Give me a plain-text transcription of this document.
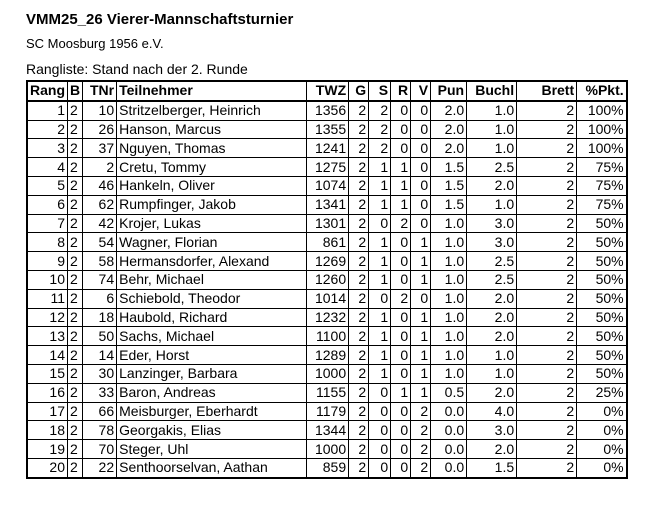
VMM25_26 Vierer-Mannschaftsturnier
SC Moosburg 1956 e.V.
Rangliste: Stand nach der 2. Runde
Rang	B	TNr	Teilnehmer	TWZ	G	S	R	V	Pun	Buchl	Brett	%Pkt.
1	2	10	Stritzelberger, Heinrich	1356	2	2	0	0	2.0	1.0	2	100%
2	2	26	Hanson, Marcus	1355	2	2	0	0	2.0	1.0	2	100%
3	2	37	Nguyen, Thomas	1241	2	2	0	0	2.0	1.0	2	100%
4	2	2	Cretu, Tommy	1275	2	1	1	0	1.5	2.5	2	75%
5	2	46	Hankeln, Oliver	1074	2	1	1	0	1.5	2.0	2	75%
6	2	62	Rumpfinger, Jakob	1341	2	1	1	0	1.5	1.0	2	75%
7	2	42	Krojer, Lukas	1301	2	0	2	0	1.0	3.0	2	50%
8	2	54	Wagner, Florian	861	2	1	0	1	1.0	3.0	2	50%
9	2	58	Hermansdorfer, Alexand	1269	2	1	0	1	1.0	2.5	2	50%
10	2	74	Behr, Michael	1260	2	1	0	1	1.0	2.5	2	50%
11	2	6	Schiebold, Theodor	1014	2	0	2	0	1.0	2.0	2	50%
12	2	18	Haubold, Richard	1232	2	1	0	1	1.0	2.0	2	50%
13	2	50	Sachs, Michael	1100	2	1	0	1	1.0	2.0	2	50%
14	2	14	Eder, Horst	1289	2	1	0	1	1.0	1.0	2	50%
15	2	30	Lanzinger, Barbara	1000	2	1	0	1	1.0	1.0	2	50%
16	2	33	Baron, Andreas	1155	2	0	1	1	0.5	2.0	2	25%
17	2	66	Meisburger, Eberhardt	1179	2	0	0	2	0.0	4.0	2	0%
18	2	78	Georgakis, Elias	1344	2	0	0	2	0.0	3.0	2	0%
19	2	70	Steger, Uhl	1000	2	0	0	2	0.0	2.0	2	0%
20	2	22	Senthoorselvan, Aathan	859	2	0	0	2	0.0	1.5	2	0%
